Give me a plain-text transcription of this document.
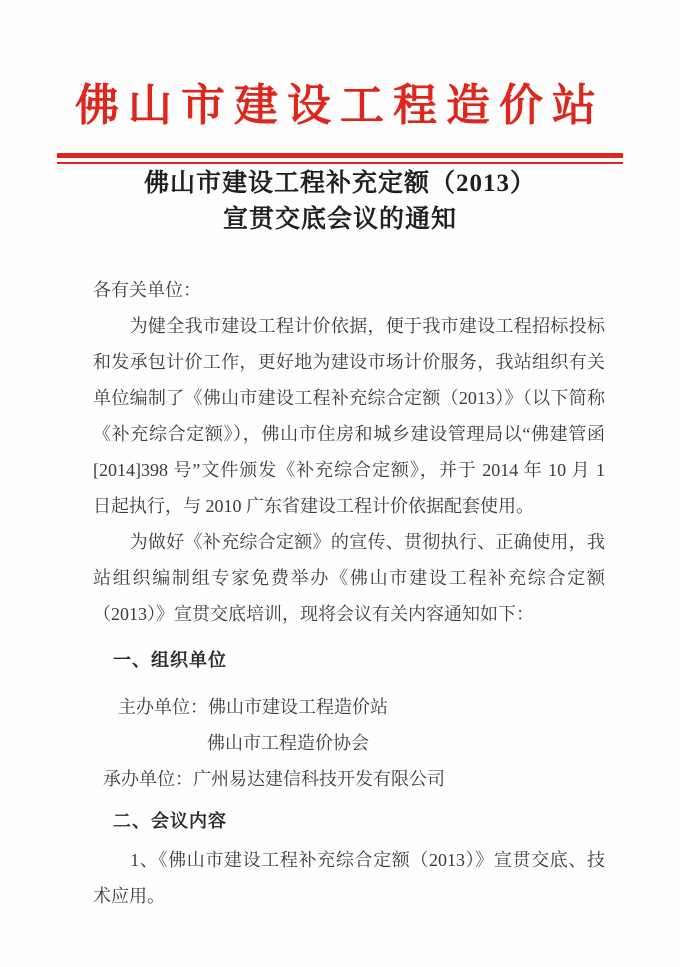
佛山市建设工程造价站
佛山市建设工程补充定额（2013）
宣贯交底会议的通知
各有关单位：
　　为健全我市建设工程计价依据，便于我市建设工程招标投标
和发承包计价工作，更好地为建设市场计价服务，我站组织有关
单位编制了《佛山市建设工程补充综合定额（2013）》（以下简称
《补充综合定额》），佛山市住房和城乡建设管理局以“佛建管函
[2014]398 号”文件颁发《补充综合定额》，并于 2014 年 10 月 1
日起执行，与 2010 广东省建设工程计价依据配套使用。
　　为做好《补充综合定额》的宣传、贯彻执行、正确使用，我
站组织编制组专家免费举办《佛山市建设工程补充综合定额
（2013）》宣贯交底培训，现将会议有关内容通知如下：
一、组织单位
主办单位：佛山市建设工程造价站
佛山市工程造价协会
承办单位：广州易达建信科技开发有限公司
二、会议内容
　　1、《佛山市建设工程补充综合定额（2013）》宣贯交底、技
术应用。
